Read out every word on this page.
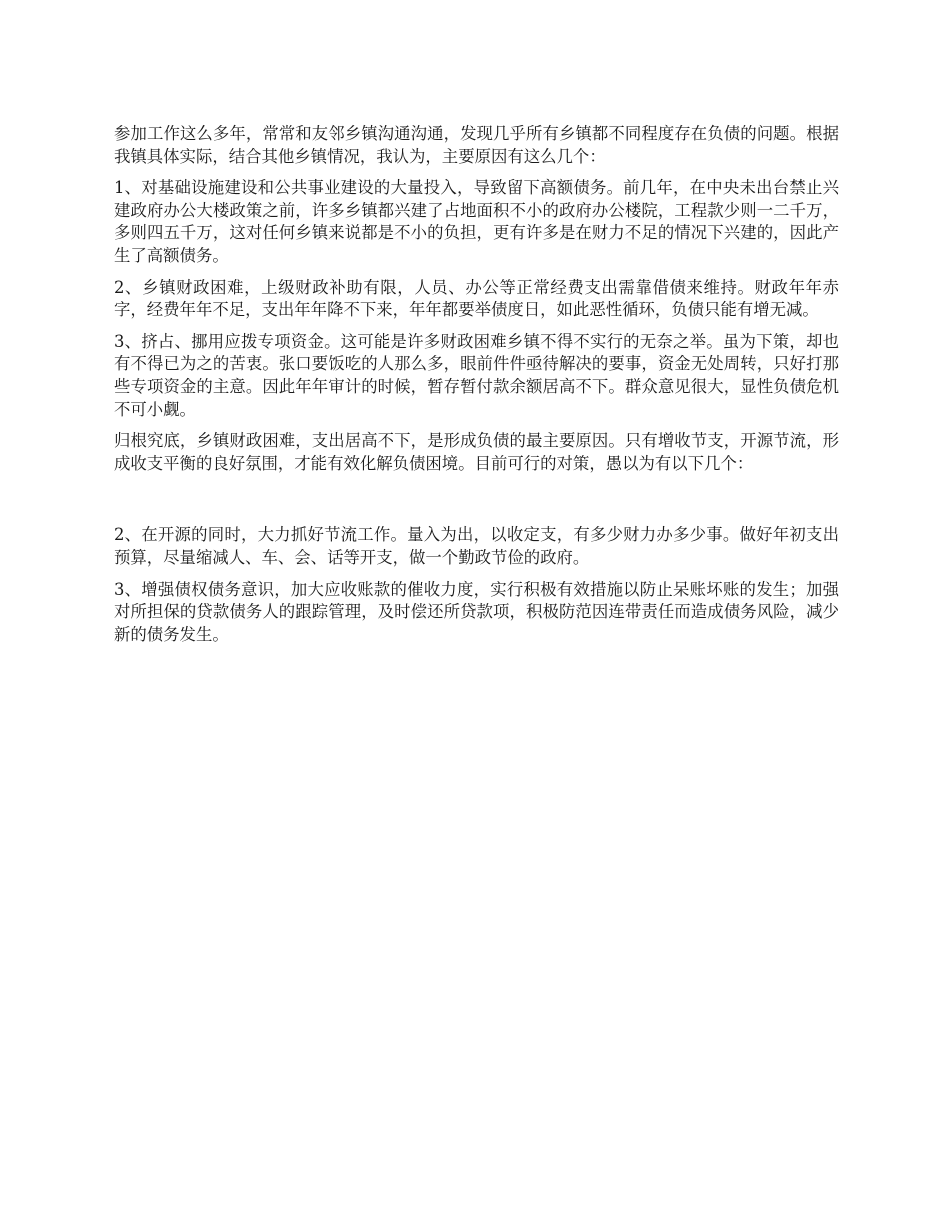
参加工作这么多年，常常和友邻乡镇沟通沟通，发现几乎所有乡镇都不同程度存在负债的问题。根据我镇具体实际，结合其他乡镇情况，我认为，主要原因有这么几个：

1、对基础设施建设和公共事业建设的大量投入，导致留下高额债务。前几年，在中央未出台禁止兴建政府办公大楼政策之前，许多乡镇都兴建了占地面积不小的政府办公楼院，工程款少则一二千万，多则四五千万，这对任何乡镇来说都是不小的负担，更有许多是在财力不足的情况下兴建的，因此产生了高额债务。

2、乡镇财政困难，上级财政补助有限，人员、办公等正常经费支出需靠借债来维持。财政年年赤字，经费年年不足，支出年年降不下来，年年都要举债度日，如此恶性循环，负债只能有增无减。

3、挤占、挪用应拨专项资金。这可能是许多财政困难乡镇不得不实行的无奈之举。虽为下策，却也有不得已为之的苦衷。张口要饭吃的人那么多，眼前件件亟待解决的要事，资金无处周转，只好打那些专项资金的主意。因此年年审计的时候，暂存暂付款余额居高不下。群众意见很大，显性负债危机不可小觑。

归根究底，乡镇财政困难，支出居高不下，是形成负债的最主要原因。只有增收节支，开源节流，形成收支平衡的良好氛围，才能有效化解负债困境。目前可行的对策，愚以为有以下几个：

2、在开源的同时，大力抓好节流工作。量入为出，以收定支，有多少财力办多少事。做好年初支出预算，尽量缩减人、车、会、话等开支，做一个勤政节俭的政府。

3、增强债权债务意识，加大应收账款的催收力度，实行积极有效措施以防止呆账坏账的发生；加强对所担保的贷款债务人的跟踪管理，及时偿还所贷款项，积极防范因连带责任而造成债务风险，减少新的债务发生。
